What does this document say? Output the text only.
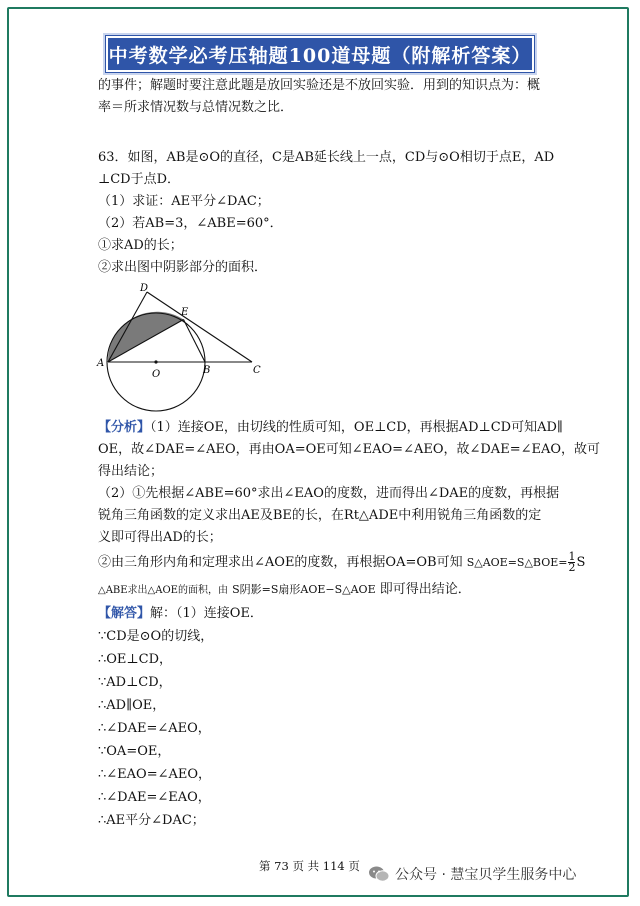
中考数学必考压轴题100道母题（附解析答案）
的事件；解题时要注意此题是放回实验还是不放回实验．用到的知识点为：概
率＝所求情况数与总情况数之比．
63．如图，AB是⊙O的直径，C是AB延长线上一点，CD与⊙O相切于点E，AD
⊥CD于点D．
（1）求证：AE平分∠DAC；
（2）若AB=3，∠ABE=60°．
①求AD的长；
②求出图中阴影部分的面积．
A
D
E
O	B	C
【分析】（1）连接OE，由切线的性质可知，OE⊥CD，再根据AD⊥CD可知AD∥
OE，故∠DAE=∠AEO，再由OA=OE可知∠EAO=∠AEO，故∠DAE=∠EAO，故可
得出结论；
（2）①先根据∠ABE=60°求出∠EAO的度数，进而得出∠DAE的度数，再根据
锐角三角函数的定义求出AE及BE的长，在Rt△ADE中利用锐角三角函数的定
义即可得出AD的长；
②由三角形内角和定理求出∠AOE的度数，再根据OA=OB可知 S△AOE=S△BOE= $\frac{1}{2}$ S
△ABE求出△AOE的面积，由 S阴影=S扇形AOE−S△AOE 即可得出结论．
【解答】解：（1）连接OE．
∵CD是⊙O的切线，
∴OE⊥CD，
∵AD⊥CD，
∴AD∥OE，
∴∠DAE=∠AEO，
∵OA=OE，
∴∠EAO=∠AEO，
∴∠DAE=∠EAO，
∴AE平分∠DAC；
第 73 页 共 114 页
公众号 · 慧宝贝学生服务中心
